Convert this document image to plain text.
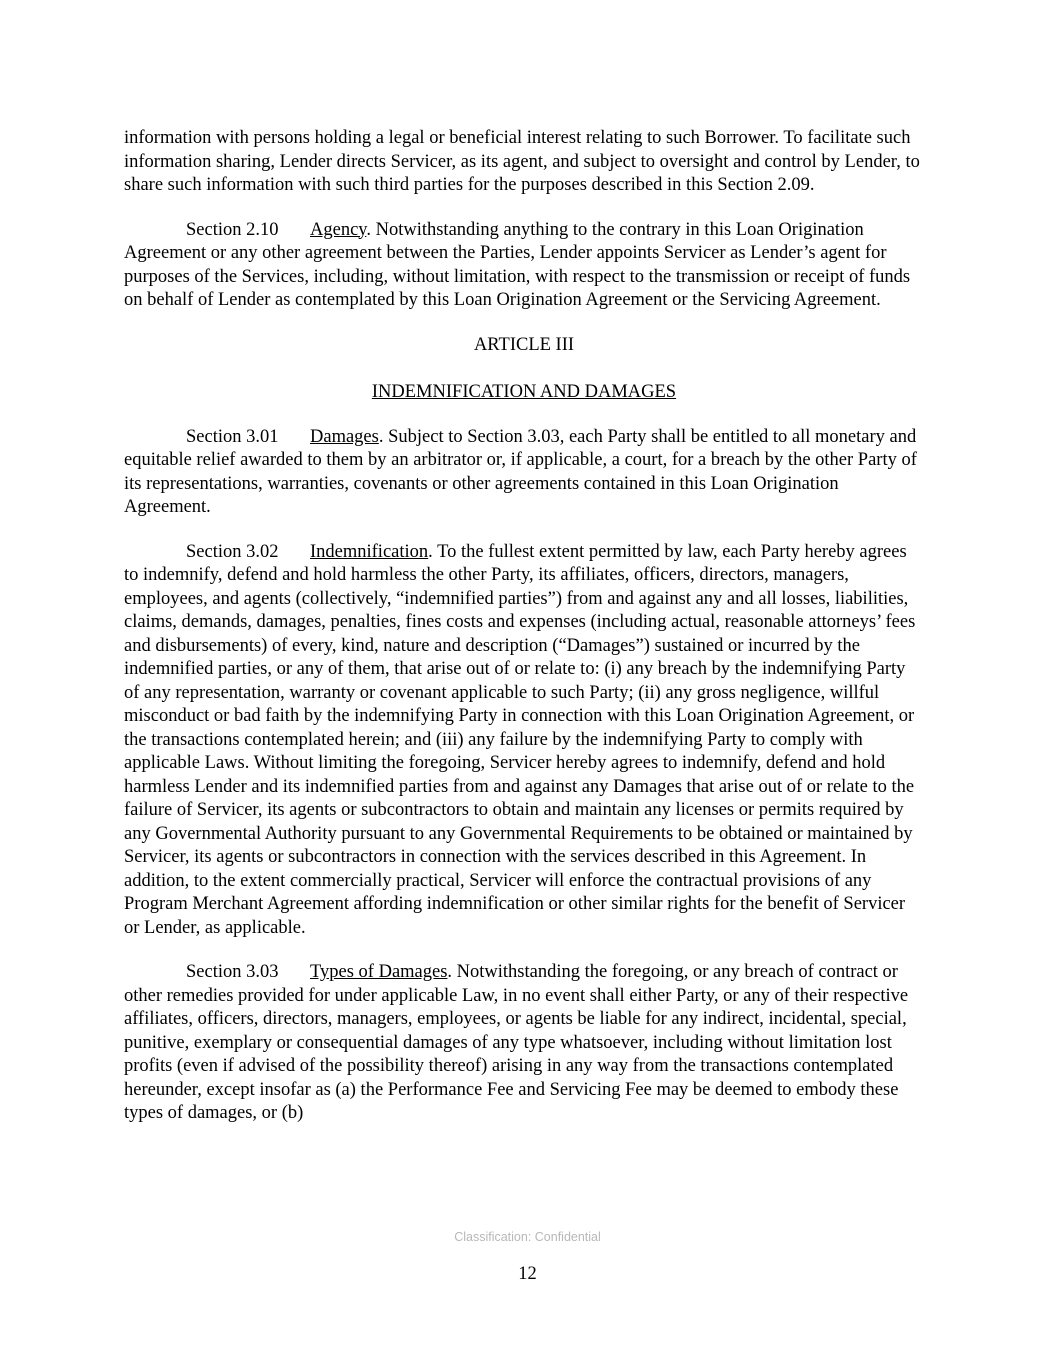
information with persons holding a legal or beneficial interest relating to such Borrower. To facilitate such information sharing, Lender directs Servicer, as its agent, and subject to oversight and control by Lender, to share such information with such third parties for the purposes described in this Section 2.09.

Section 2.10 Agency. Notwithstanding anything to the contrary in this Loan Origination Agreement or any other agreement between the Parties, Lender appoints Servicer as Lender’s agent for purposes of the Services, including, without limitation, with respect to the transmission or receipt of funds on behalf of Lender as contemplated by this Loan Origination Agreement or the Servicing Agreement.

ARTICLE III

INDEMNIFICATION AND DAMAGES

Section 3.01 Damages. Subject to Section 3.03, each Party shall be entitled to all monetary and equitable relief awarded to them by an arbitrator or, if applicable, a court, for a breach by the other Party of its representations, warranties, covenants or other agreements contained in this Loan Origination Agreement.

Section 3.02 Indemnification. To the fullest extent permitted by law, each Party hereby agrees to indemnify, defend and hold harmless the other Party, its affiliates, officers, directors, managers, employees, and agents (collectively, “indemnified parties”) from and against any and all losses, liabilities, claims, demands, damages, penalties, fines costs and expenses (including actual, reasonable attorneys’ fees and disbursements) of every, kind, nature and description (“Damages”) sustained or incurred by the indemnified parties, or any of them, that arise out of or relate to: (i) any breach by the indemnifying Party of any representation, warranty or covenant applicable to such Party; (ii) any gross negligence, willful misconduct or bad faith by the indemnifying Party in connection with this Loan Origination Agreement, or the transactions contemplated herein; and (iii) any failure by the indemnifying Party to comply with applicable Laws. Without limiting the foregoing, Servicer hereby agrees to indemnify, defend and hold harmless Lender and its indemnified parties from and against any Damages that arise out of or relate to the failure of Servicer, its agents or subcontractors to obtain and maintain any licenses or permits required by any Governmental Authority pursuant to any Governmental Requirements to be obtained or maintained by Servicer, its agents or subcontractors in connection with the services described in this Agreement. In addition, to the extent commercially practical, Servicer will enforce the contractual provisions of any Program Merchant Agreement affording indemnification or other similar rights for the benefit of Servicer or Lender, as applicable.

Section 3.03 Types of Damages. Notwithstanding the foregoing, or any breach of contract or other remedies provided for under applicable Law, in no event shall either Party, or any of their respective affiliates, officers, directors, managers, employees, or agents be liable for any indirect, incidental, special, punitive, exemplary or consequential damages of any type whatsoever, including without limitation lost profits (even if advised of the possibility thereof) arising in any way from the transactions contemplated hereunder, except insofar as (a) the Performance Fee and Servicing Fee may be deemed to embody these types of damages, or (b)

Classification: Confidential
12
